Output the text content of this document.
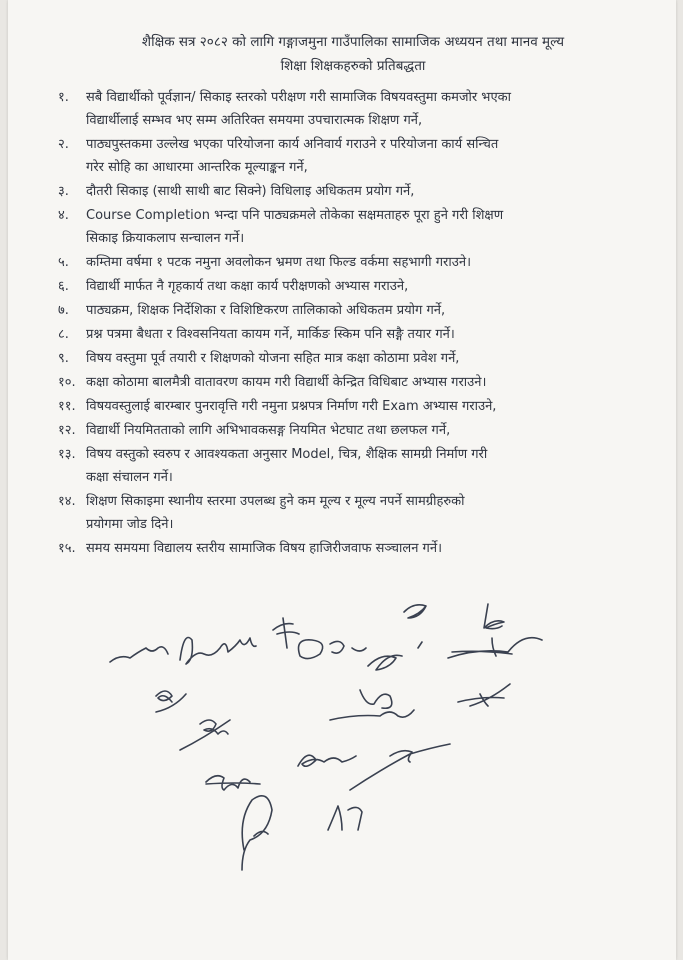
शैक्षिक सत्र २०८२ को लागि गङ्गाजमुना गाउँपालिका सामाजिक अध्ययन तथा मानव मूल्य
शिक्षा शिक्षकहरुको प्रतिबद्धता
१.	सबै विद्यार्थीको पूर्वज्ञान/ सिकाइ स्तरको परीक्षण गरी सामाजिक विषयवस्तुमा कमजोर भएका
विद्यार्थीलाई सम्भव भए सम्म अतिरिक्त समयमा उपचारात्मक शिक्षण गर्ने,
२.	पाठ्यपुस्तकमा उल्लेख भएका परियोजना कार्य अनिवार्य गराउने र परियोजना कार्य सन्चित
गरेर सोहि का आधारमा आन्तरिक मूल्याङ्कन गर्ने,
३.	दौतरी सिकाइ (साथी साथी बाट सिक्ने) विधिलाइ अधिकतम प्रयोग गर्ने,
४.	Course Completion भन्दा पनि पाठ्यक्रमले तोकेका सक्षमताहरु पूरा हुने गरी शिक्षण
सिकाइ क्रियाकलाप सन्चालन गर्ने।
५.	कम्तिमा वर्षमा १ पटक नमुना अवलोकन भ्रमण तथा फिल्ड वर्कमा सहभागी गराउने।
६.	विद्यार्थी मार्फत नै गृहकार्य तथा कक्षा कार्य परीक्षणको अभ्यास गराउने,
७.	पाठ्यक्रम, शिक्षक निर्देशिका र विशिष्टिकरण तालिकाको अधिकतम प्रयोग गर्ने,
८.	प्रश्न पत्रमा बैधता र विश्वसनियता कायम गर्ने, मार्किङ स्किम पनि सङ्गै तयार गर्ने।
९.	विषय वस्तुमा पूर्व तयारी र शिक्षणको योजना सहित मात्र कक्षा कोठामा प्रवेश गर्ने,
१०. कक्षा कोठामा बालमैत्री वातावरण कायम गरी विद्यार्थी केन्द्रित विधिबाट अभ्यास गराउने।
११. विषयवस्तुलाई बारम्बार पुनरावृत्ति गरी नमुना प्रश्नपत्र निर्माण गरी Exam अभ्यास गराउने,
१२. विद्यार्थी नियमितताको लागि अभिभावकसङ्ग नियमित भेटघाट तथा छलफल गर्ने,
१३. विषय वस्तुको स्वरुप र आवश्यकता अनुसार Model, चित्र, शैक्षिक सामग्री निर्माण गरी
कक्षा संचालन गर्ने।
१४. शिक्षण सिकाइमा स्थानीय स्तरमा उपलब्ध हुने कम मूल्य र मूल्य नपर्ने सामग्रीहरुको
प्रयोगमा जोड दिने।
१५. समय समयमा विद्यालय स्तरीय सामाजिक विषय हाजिरीजवाफ सञ्चालन गर्ने।
